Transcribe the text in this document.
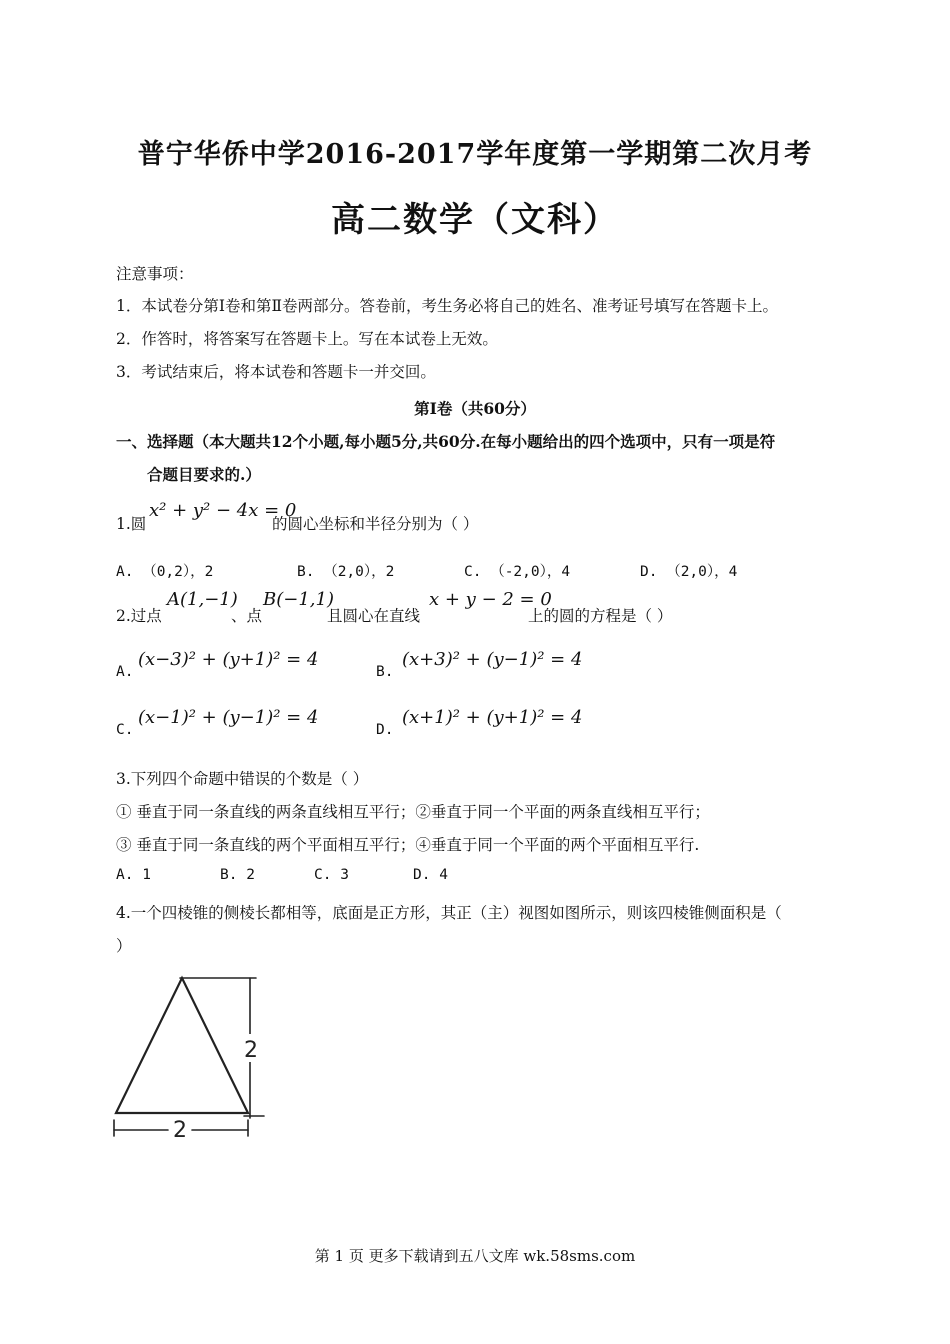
普宁华侨中学2016-2017学年度第一学期第二次月考
高二数学（文科）
注意事项：
1．本试卷分第Ⅰ卷和第Ⅱ卷两部分。答卷前，考生务必将自己的姓名、准考证号填写在答题卡上。
2．作答时，将答案写在答题卡上。写在本试卷上无效。
3．考试结束后，将本试卷和答题卡一并交回。
第Ⅰ卷（共60分）
一、选择题（本大题共12个小题,每小题5分,共60分.在每小题给出的四个选项中，只有一项是符
合题目要求的.）
1.圆
x² + y² − 4x = 0
的圆心坐标和半径分别为（ ）
A. （0,2），2	B. （2,0），2	C. （-2,0），4	D. （2,0），4
2.过点
A(1,−1)
、点
B(−1,1)
且圆心在直线
x + y − 2 = 0
上的圆的方程是（ ）
A.
(x−3)² + (y+1)² = 4
B.
(x+3)² + (y−1)² = 4
C.
(x−1)² + (y−1)² = 4
D.
(x+1)² + (y+1)² = 4
3.下列四个命题中错误的个数是（ ）
① 垂直于同一条直线的两条直线相互平行；②垂直于同一个平面的两条直线相互平行；
③ 垂直于同一条直线的两个平面相互平行；④垂直于同一个平面的两个平面相互平行.
A. 1	B. 2	C. 3	D. 4
4.一个四棱锥的侧棱长都相等，底面是正方形，其正（主）视图如图所示，则该四棱锥侧面积是（
）
2
2
第 1 页 更多下载请到五八文库 wk.58sms.com
